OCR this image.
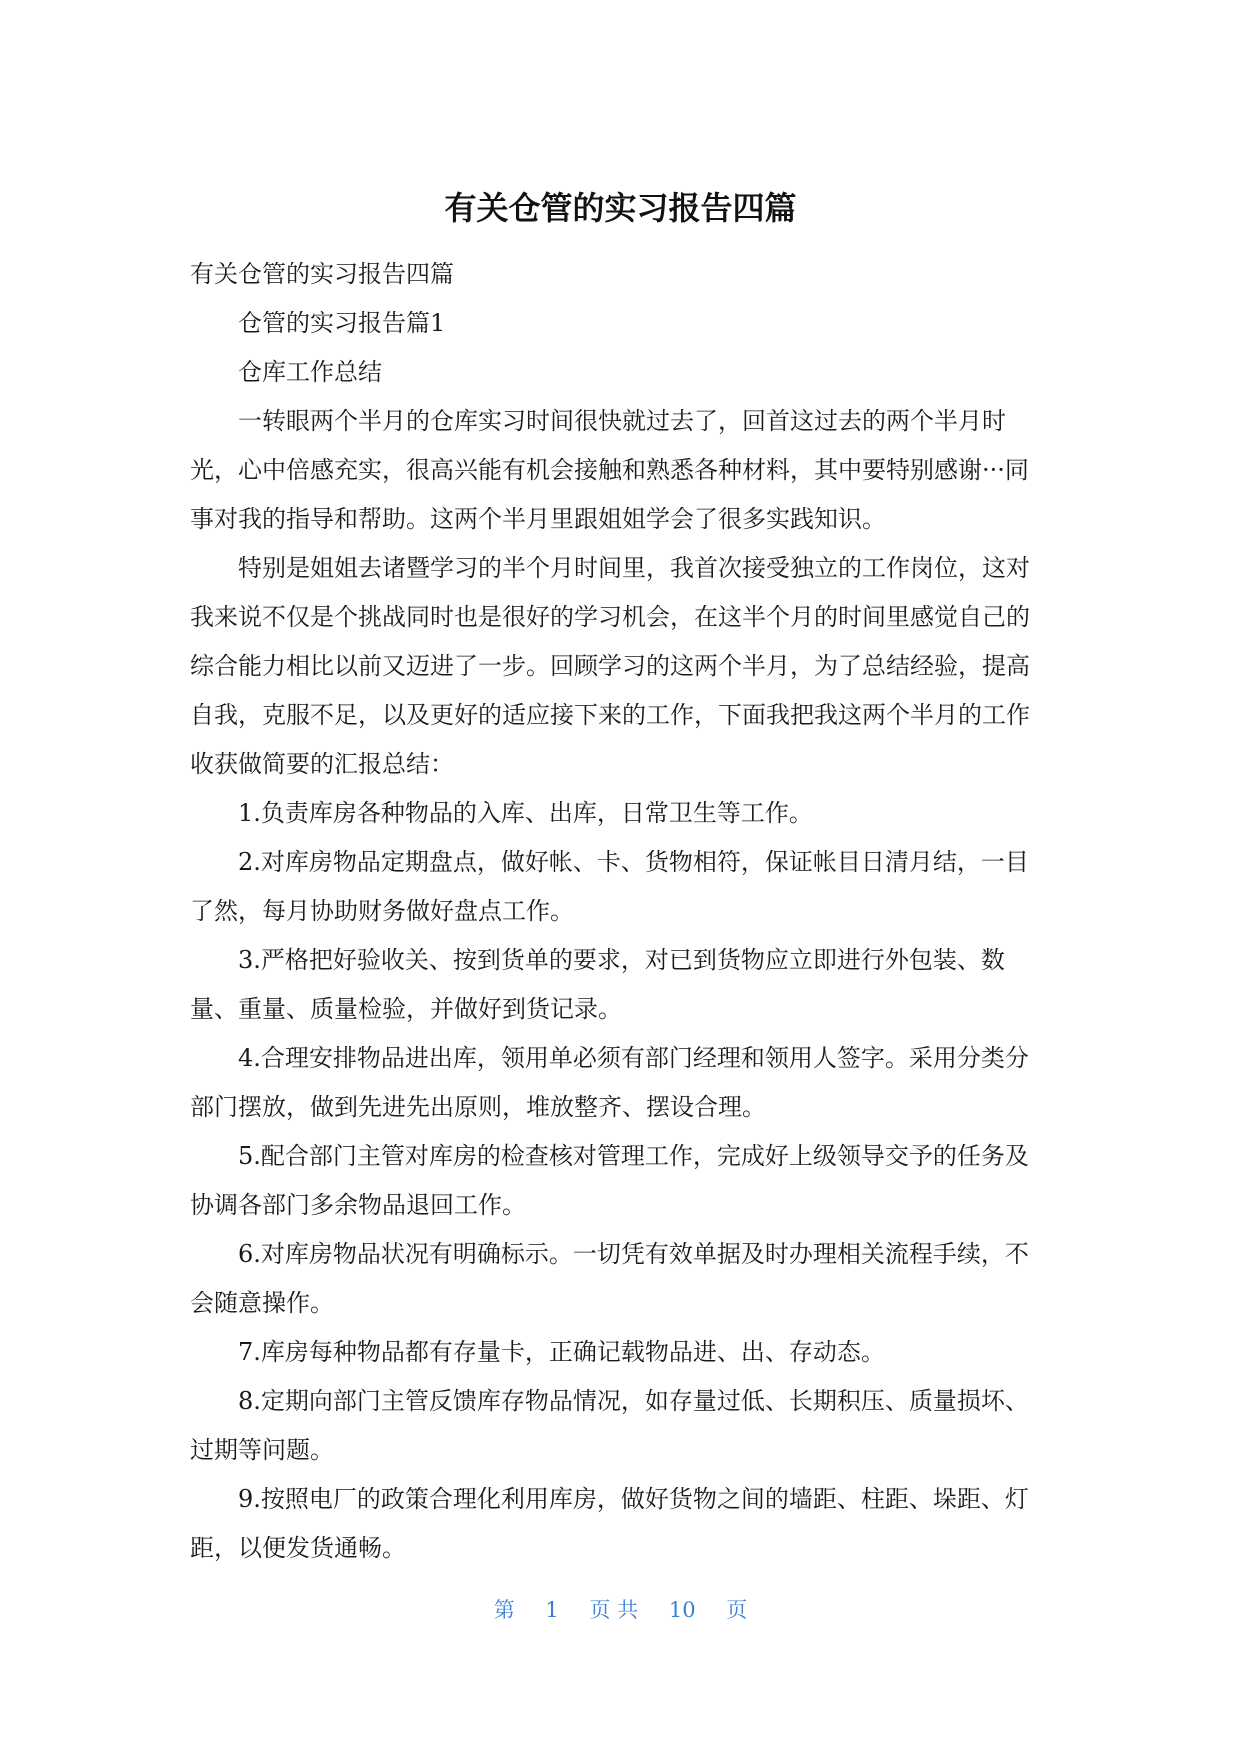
有关仓管的实习报告四篇

有关仓管的实习报告四篇

仓管的实习报告篇1

仓库工作总结

一转眼两个半月的仓库实习时间很快就过去了，回首这过去的两个半月时光，心中倍感充实，很高兴能有机会接触和熟悉各种材料，其中要特别感谢···同事对我的指导和帮助。这两个半月里跟姐姐学会了很多实践知识。

特别是姐姐去诸暨学习的半个月时间里，我首次接受独立的工作岗位，这对我来说不仅是个挑战同时也是很好的学习机会，在这半个月的时间里感觉自己的综合能力相比以前又迈进了一步。回顾学习的这两个半月，为了总结经验，提高自我，克服不足，以及更好的适应接下来的工作，下面我把我这两个半月的工作收获做简要的汇报总结：

1.负责库房各种物品的入库、出库，日常卫生等工作。

2.对库房物品定期盘点，做好帐、卡、货物相符，保证帐目日清月结，一目了然，每月协助财务做好盘点工作。

3.严格把好验收关、按到货单的要求，对已到货物应立即进行外包装、数量、重量、质量检验，并做好到货记录。

4.合理安排物品进出库，领用单必须有部门经理和领用人签字。采用分类分部门摆放，做到先进先出原则，堆放整齐、摆设合理。

5.配合部门主管对库房的检查核对管理工作，完成好上级领导交予的任务及协调各部门多余物品退回工作。

6.对库房物品状况有明确标示。一切凭有效单据及时办理相关流程手续，不会随意操作。

7.库房每种物品都有存量卡，正确记载物品进、出、存动态。

8.定期向部门主管反馈库存物品情况，如存量过低、长期积压、质量损坏、过期等问题。

9.按照电厂的政策合理化利用库房，做好货物之间的墙距、柱距、垛距、灯距，以便发货通畅。

第 1 页 共 10 页
